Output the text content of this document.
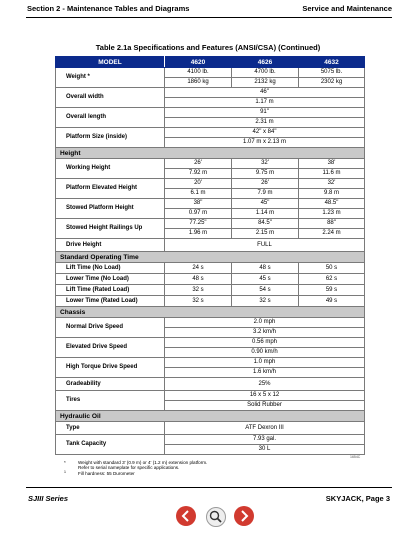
Section 2 - Maintenance Tables and Diagrams	Service and Maintenance
Table 2.1a Specifications and Features (ANSI/CSA) (Continued)
MODEL	4620	4626	4632
Weight *	4100 lb.	4700 lb.	5075 lb.
	1860 kg	2132 kg	2302 kg
Overall width	46"		
	1.17 m		
Overall length	91"		
	2.31 m		
Platform Size (inside)	42" x 84"		
	1.07 m x 2.13 m		
Height			
Working Height	26'	32'	38'
	7.92 m	9.75 m	11.6 m
Platform Elevated Height	20'	26'	32'
	6.1 m	7.9 m	9.8 m
Stowed Platform Height	38"	45"	48.5"
	0.97 m	1.14 m	1.23 m
Stowed Height Railings Up	77.25"	84.5"	88"
	1.96 m	2.15 m	2.24 m
Drive Height	FULL		
Standard Operating Time			
Lift Time (No Load)	24 s	48 s	50 s
Lower Time (No Load)	48 s	45 s	62 s
Lift Time (Rated Load)	32 s	54 s	59 s
Lower Time (Rated Load)	32 s	32 s	49 s
Chassis			
Normal Drive Speed	2.0 mph		
	3.2 km/h		
Elevated Drive Speed	0.56 mph		
	0.90 km/h		
High Torque Drive Speed	1.0 mph		
	1.6 km/h		
Gradeability	25%		
Tires	16 x 5 x 12		
	Solid Rubber		
Hydraulic Oil			
Type	ATF Dexron III		
Tank Capacity	7.93 gal.		
	30 L		
1654C
*	Weight with standard 3' (0.9 m) or 4' (1.2 m) extension platform.
Refer to serial nameplate for specific applications.
1	Fill hardness: 55 Durometer
SJIII Series	SKYJACK, Page 3
